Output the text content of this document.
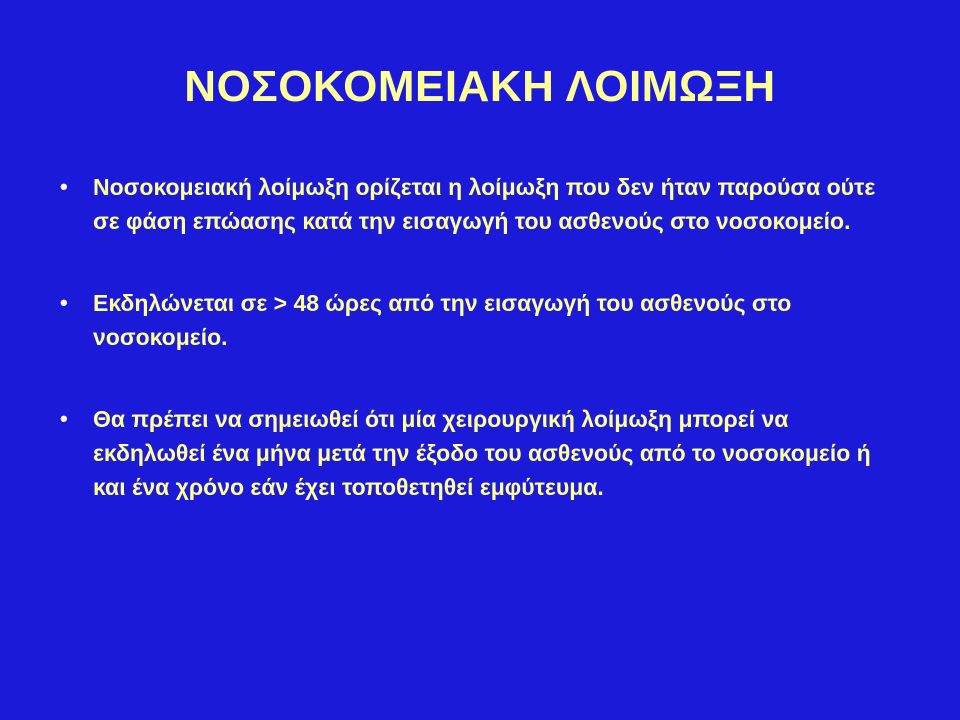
ΝΟΣΟΚΟΜΕΙΑΚΗ ΛΟΙΜΩΞΗ
• Νοσοκομειακή λοίμωξη ορίζεται η λοίμωξη που δεν ήταν παρούσα ούτε σε φάση επώασης κατά την εισαγωγή του ασθενούς στο νοσοκομείο.
• Εκδηλώνεται σε > 48 ώρες από την εισαγωγή του ασθενούς στο νοσοκομείο.
• Θα πρέπει να σημειωθεί ότι μία χειρουργική λοίμωξη μπορεί να εκδηλωθεί ένα μήνα μετά την έξοδο του ασθενούς από το νοσοκομείο ή και ένα χρόνο εάν έχει τοποθετηθεί εμφύτευμα.
